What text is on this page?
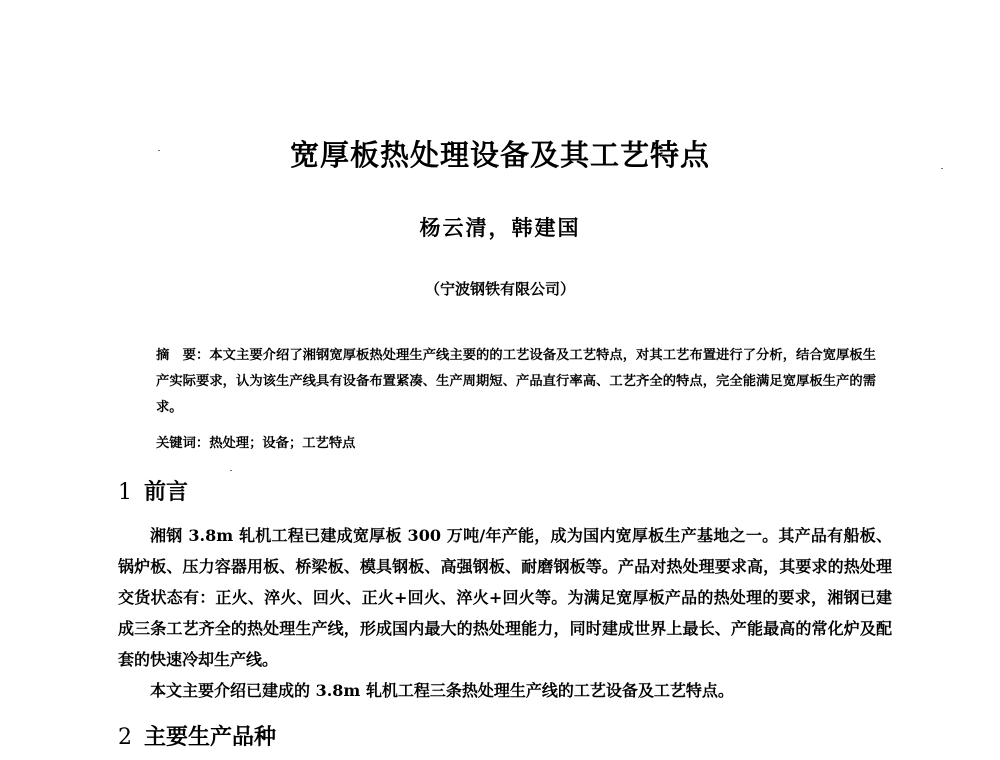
宽厚板热处理设备及其工艺特点
杨云清，韩建国
（宁波钢铁有限公司）
摘　要：本文主要介绍了湘钢宽厚板热处理生产线主要的的工艺设备及工艺特点，对其工艺布置进行了分析，结合宽厚板生产实际要求，认为该生产线具有设备布置紧凑、生产周期短、产品直行率高、工艺齐全的特点，完全能满足宽厚板生产的需求。
关键词：热处理；设备；工艺特点
1 前言

湘钢 3.8m 轧机工程已建成宽厚板 300 万吨/年产能，成为国内宽厚板生产基地之一。其产品有船板、锅炉板、压力容器用板、桥梁板、模具钢板、高强钢板、耐磨钢板等。产品对热处理要求高，其要求的热处理交货状态有：正火、淬火、回火、正火+回火、淬火+回火等。为满足宽厚板产品的热处理的要求，湘钢已建成三条工艺齐全的热处理生产线，形成国内最大的热处理能力，同时建成世界上最长、产能最高的常化炉及配套的快速冷却生产线。

本文主要介绍已建成的 3.8m 轧机工程三条热处理生产线的工艺设备及工艺特点。

2 主要生产品种
